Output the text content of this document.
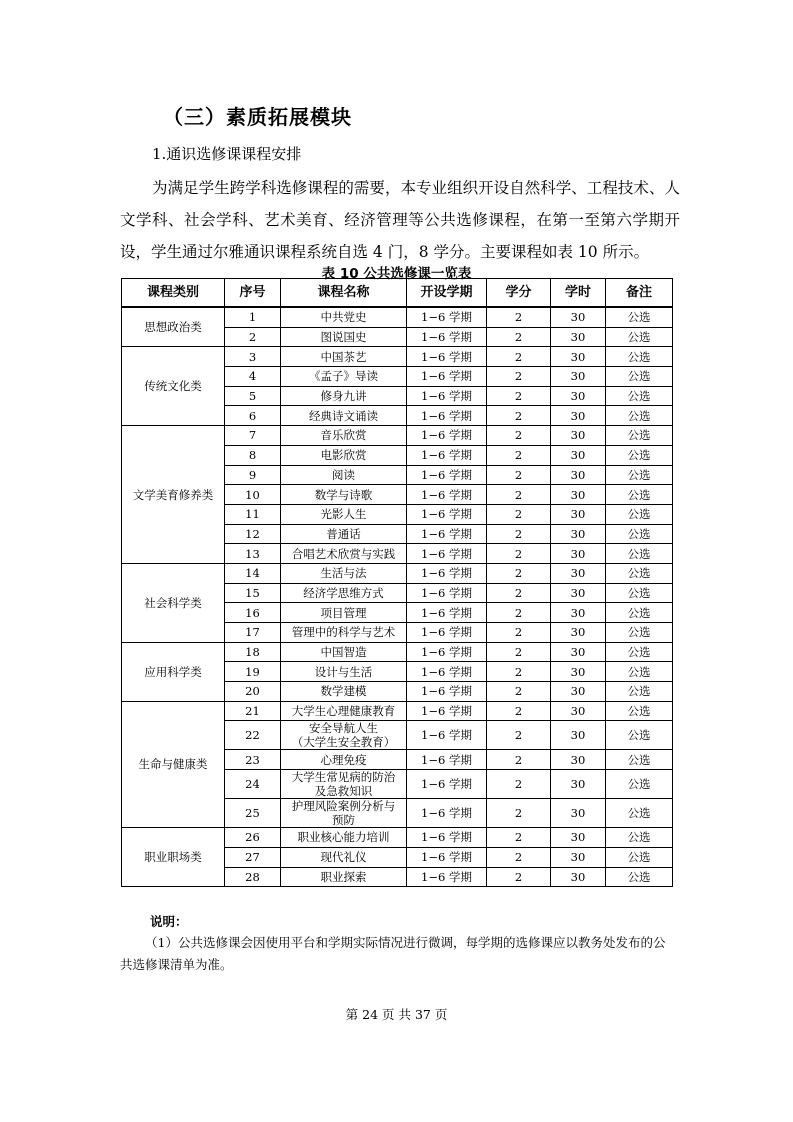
（三）素质拓展模块
1.通识选修课课程安排
为满足学生跨学科选修课程的需要，本专业组织开设自然科学、工程技术、人文学科、社会学科、艺术美育、经济管理等公共选修课程，在第一至第六学期开设，学生通过尔雅通识课程系统自选 4 门，8 学分。主要课程如表 10 所示。
表 10 公共选修课一览表
课程类别	序号	课程名称	开设学期	学分	学时	备注
思想政治类	1	中共党史	1−6 学期	2	30	公选
	2	图说国史	1−6 学期	2	30	公选
传统文化类	3	中国茶艺	1−6 学期	2	30	公选
	4	《孟子》导读	1−6 学期	2	30	公选
	5	修身九讲	1−6 学期	2	30	公选
	6	经典诗文诵读	1−6 学期	2	30	公选
文学美育修养类	7	音乐欣赏	1−6 学期	2	30	公选
	8	电影欣赏	1−6 学期	2	30	公选
	9	阅读	1−6 学期	2	30	公选
	10	数学与诗歌	1−6 学期	2	30	公选
	11	光影人生	1−6 学期	2	30	公选
	12	普通话	1−6 学期	2	30	公选
	13	合唱艺术欣赏与实践	1−6 学期	2	30	公选
社会科学类	14	生活与法	1−6 学期	2	30	公选
	15	经济学思维方式	1−6 学期	2	30	公选
	16	项目管理	1−6 学期	2	30	公选
	17	管理中的科学与艺术	1−6 学期	2	30	公选
应用科学类	18	中国智造	1−6 学期	2	30	公选
	19	设计与生活	1−6 学期	2	30	公选
	20	数学建模	1−6 学期	2	30	公选
生命与健康类	21	大学生心理健康教育	1−6 学期	2	30	公选
	22	安全导航人生
（大学生安全教育）	1−6 学期	2	30	公选
	23	心理免疫	1−6 学期	2	30	公选
	24	大学生常见病的防治
及急救知识	1−6 学期	2	30	公选
	25	护理风险案例分析与
预防	1−6 学期	2	30	公选
职业职场类	26	职业核心能力培训	1−6 学期	2	30	公选
	27	现代礼仪	1−6 学期	2	30	公选
	28	职业探索	1−6 学期	2	30	公选
说明：
（1）公共选修课会因使用平台和学期实际情况进行微调，每学期的选修课应以教务处发布的公共选修课清单为准。
第 24 页 共 37 页
